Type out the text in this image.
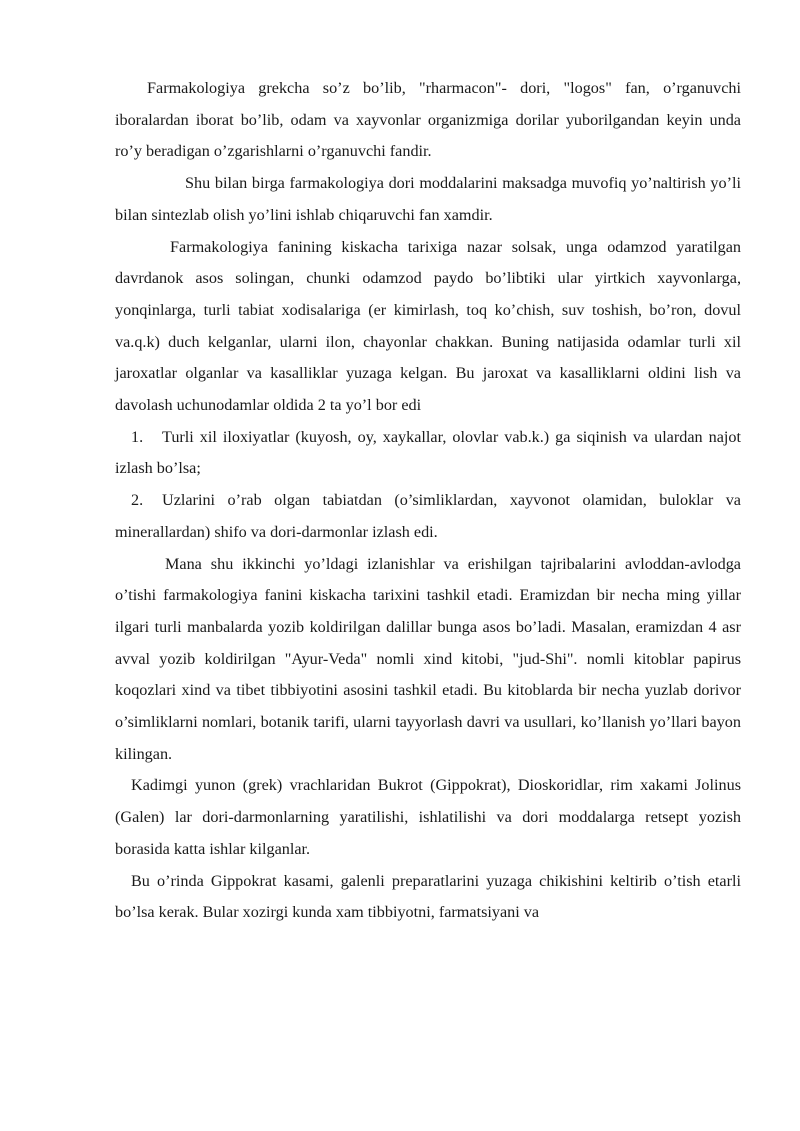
Farmakologiya grekcha so’z bo’lib, "rharmacon"- dori, "logos" fan, o’rganuvchi iboralardan iborat bo’lib, odam va xayvonlar organizmiga dorilar yuborilgandan keyin unda ro’y beradigan o’zgarishlarni o’rganuvchi fandir.

Shu bilan birga farmakologiya dori moddalarini maksadga muvofiq yo’naltirish yo’li bilan sintezlab olish yo’lini ishlab chiqaruvchi fan xamdir.

Farmakologiya fanining kiskacha tarixiga nazar solsak, unga odamzod yaratilgan davrdanok asos solingan, chunki odamzod paydo bo’libtiki ular yirtkich xayvonlarga, yonqinlarga, turli tabiat xodisalariga (er kimirlash, toq ko’chish, suv toshish, bo’ron, dovul va.q.k) duch kelganlar, ularni ilon, chayonlar chakkan. Buning natijasida odamlar turli xil jaroxatlar olganlar va kasalliklar yuzaga kelgan. Bu jaroxat va kasalliklarni oldini lish va davolash uchunodamlar oldida 2 ta yo’l bor edi

1. Turli xil iloxiyatlar (kuyosh, oy, xaykallar, olovlar vab.k.) ga siqinish va ulardan najot izlash bo’lsa;

2. Uzlarini o’rab olgan tabiatdan (o’simliklardan, xayvonot olamidan, buloklar va minerallardan) shifo va dori-darmonlar izlash edi.

Mana shu ikkinchi yo’ldagi izlanishlar va erishilgan tajribalarini avloddan-avlodga o’tishi farmakologiya fanini kiskacha tarixini tashkil etadi. Eramizdan bir necha ming yillar ilgari turli manbalarda yozib koldirilgan dalillar bunga asos bo’ladi. Masalan, eramizdan 4 asr avval yozib koldirilgan "Ayur-Veda" nomli xind kitobi, "jud-Shi". nomli kitoblar papirus koqozlari xind va tibet tibbiyotini asosini tashkil etadi. Bu kitoblarda bir necha yuzlab dorivor o’simliklarni nomlari, botanik tarifi, ularni tayyorlash davri va usullari, ko’llanish yo’llari bayon kilingan.

Kadimgi yunon (grek) vrachlaridan Bukrot (Gippokrat), Dioskoridlar, rim xakami Jolinus (Galen) lar dori-darmonlarning yaratilishi, ishlatilishi va dori moddalarga retsept yozish borasida katta ishlar kilganlar.

Bu o’rinda Gippokrat kasami, galenli preparatlarini yuzaga chikishini keltirib o’tish etarli bo’lsa kerak. Bular xozirgi kunda xam tibbiyotni, farmatsiyani va
